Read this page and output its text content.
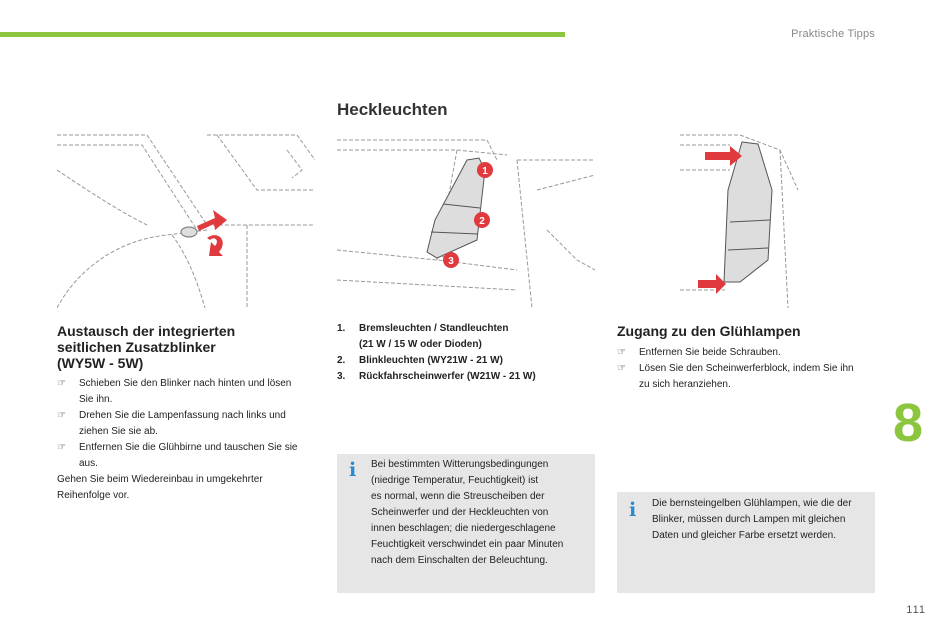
Praktische Tipps
Heckleuchten
1
2
3
Austausch der integrierten
seitlichen Zusatzblinker
(WY5W - 5W)
☞ Schieben Sie den Blinker nach hinten und lösen
Sie ihn.
☞ Drehen Sie die Lampenfassung nach links und
ziehen Sie sie ab.
☞ Entfernen Sie die Glühbirne und tauschen Sie sie
aus.
Gehen Sie beim Wiedereinbau in umgekehrter
Reihenfolge vor.
1. Bremsleuchten / Standleuchten
(21 W / 15 W oder Dioden)
2. Blinkleuchten (WY21W - 21 W)
3. Rückfahrscheinwerfer (W21W - 21 W)
i Bei bestimmten Witterungsbedingungen
(niedrige Temperatur, Feuchtigkeit) ist
es normal, wenn die Streuscheiben der
Scheinwerfer und der Heckleuchten von
innen beschlagen; die niedergeschlagene
Feuchtigkeit verschwindet ein paar Minuten
nach dem Einschalten der Beleuchtung.
Zugang zu den Glühlampen
☞ Entfernen Sie beide Schrauben.
☞ Lösen Sie den Scheinwerferblock, indem Sie ihn
zu sich heranziehen.
i Die bernsteingelben Glühlampen, wie die der
Blinker, müssen durch Lampen mit gleichen
Daten und gleicher Farbe ersetzt werden.
8
111
